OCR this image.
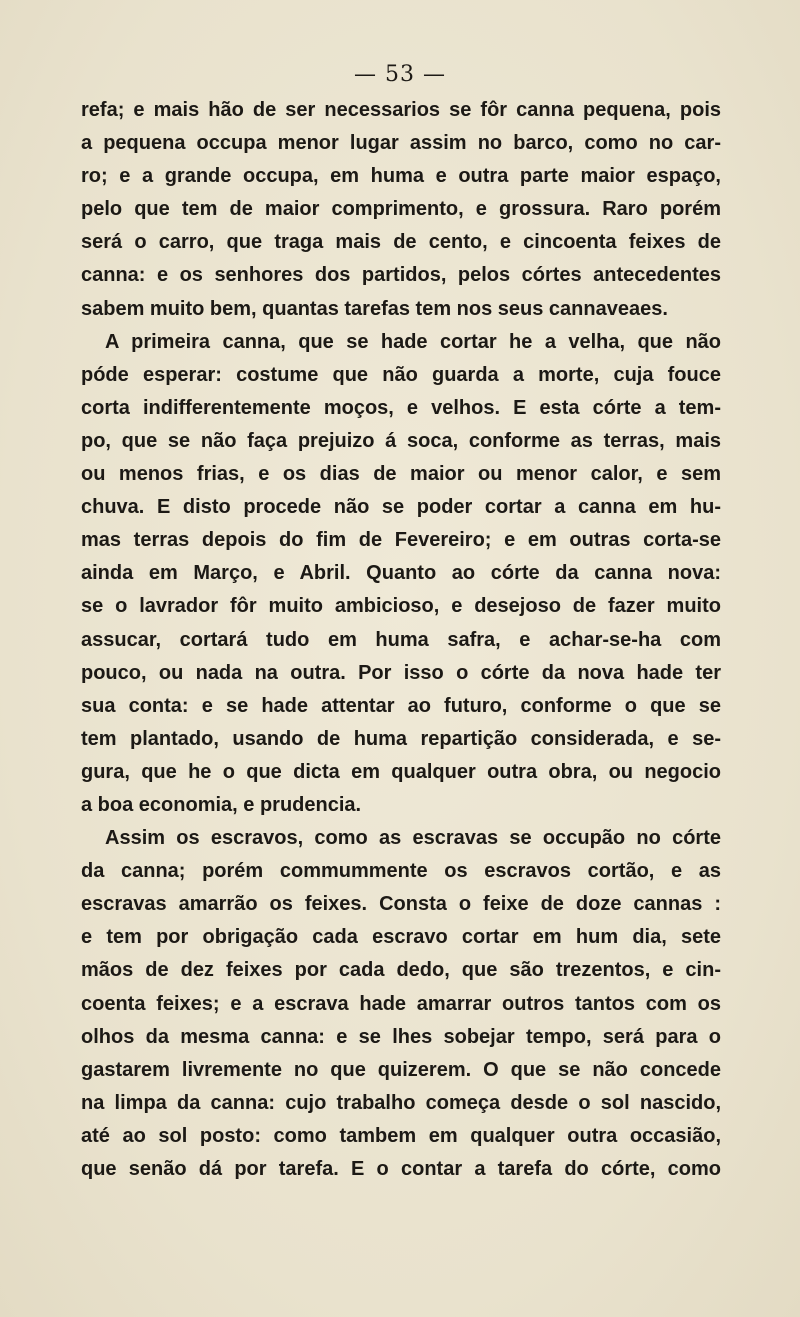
— 53 —
refa; e mais hão de ser necessarios se fôr canna pequena, pois
a pequena occupa menor lugar assim no barco, como no car-
ro; e a grande occupa, em huma e outra parte maior espaço,
pelo que tem de maior comprimento, e grossura. Raro porém
será o carro, que traga mais de cento, e cincoenta feixes de
canna: e os senhores dos partidos, pelos córtes antecedentes
sabem muito bem, quantas tarefas tem nos seus cannaveaes.
A primeira canna, que se hade cortar he a velha, que não
póde esperar: costume que não guarda a morte, cuja fouce
corta indifferentemente moços, e velhos. E esta córte a tem-
po, que se não faça prejuizo á soca, conforme as terras, mais
ou menos frias, e os dias de maior ou menor calor, e sem
chuva. E disto procede não se poder cortar a canna em hu-
mas terras depois do fim de Fevereiro; e em outras corta-se
ainda em Março, e Abril. Quanto ao córte da canna nova:
se o lavrador fôr muito ambicioso, e desejoso de fazer muito
assucar, cortará tudo em huma safra, e achar-se-ha com
pouco, ou nada na outra. Por isso o córte da nova hade ter
sua conta: e se hade attentar ao futuro, conforme o que se
tem plantado, usando de huma repartição considerada, e se-
gura, que he o que dicta em qualquer outra obra, ou negocio
a boa economia, e prudencia.
Assim os escravos, como as escravas se occupão no córte
da canna; porém commummente os escravos cortão, e as
escravas amarrão os feixes. Consta o feixe de doze cannas :
e tem por obrigação cada escravo cortar em hum dia, sete
mãos de dez feixes por cada dedo, que são trezentos, e cin-
coenta feixes; e a escrava hade amarrar outros tantos com os
olhos da mesma canna: e se lhes sobejar tempo, será para o
gastarem livremente no que quizerem. O que se não concede
na limpa da canna: cujo trabalho começa desde o sol nascido,
até ao sol posto: como tambem em qualquer outra occasião,
que senão dá por tarefa. E o contar a tarefa do córte, como
